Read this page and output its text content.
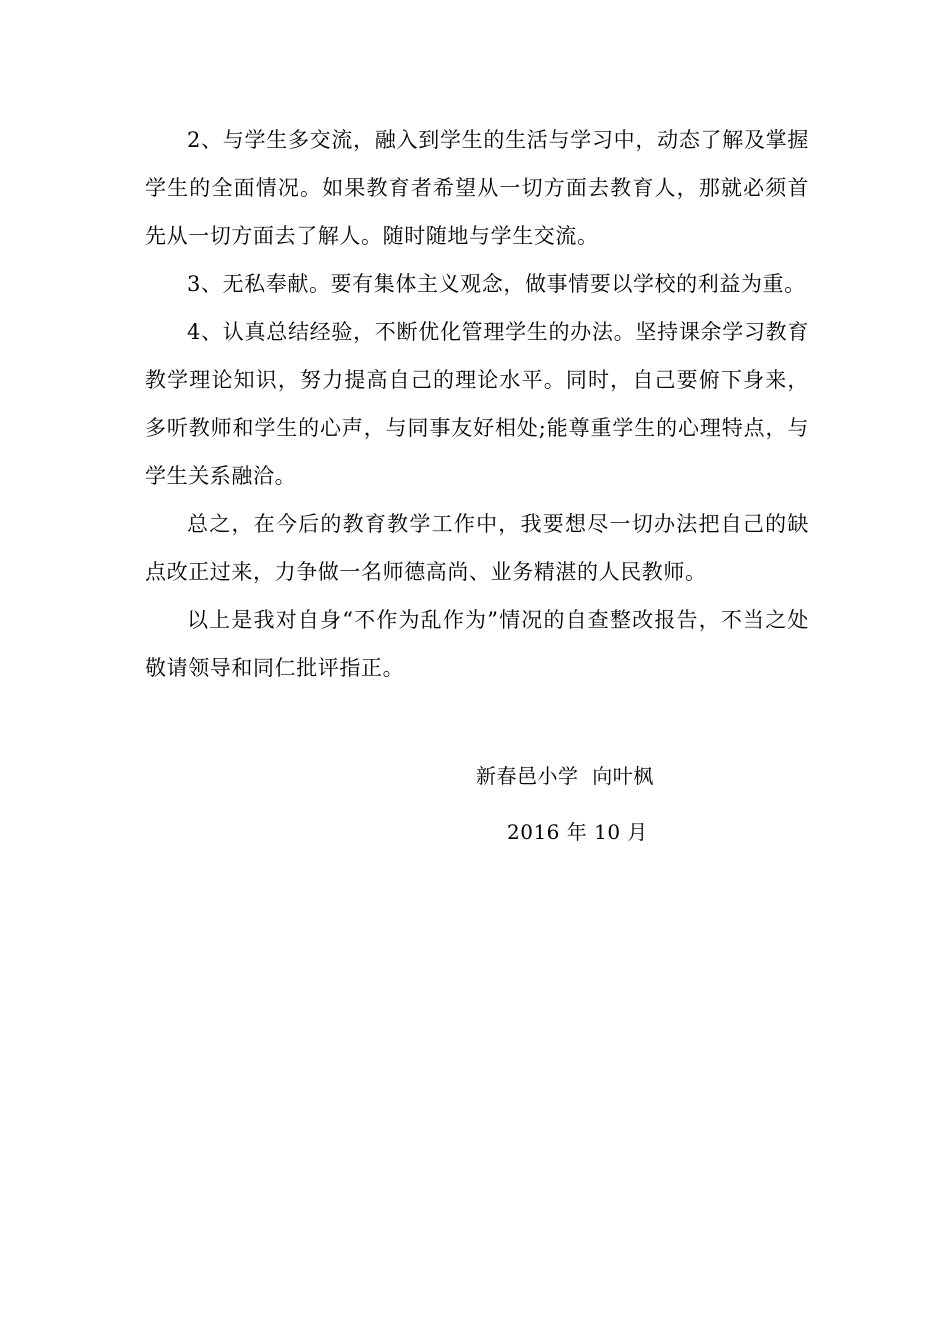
2、与学生多交流，融入到学生的生活与学习中，动态了解及掌握学生的全面情况。如果教育者希望从一切方面去教育人，那就必须首先从一切方面去了解人。随时随地与学生交流。

3、无私奉献。要有集体主义观念，做事情要以学校的利益为重。

4、认真总结经验，不断优化管理学生的办法。坚持课余学习教育教学理论知识，努力提高自己的理论水平。同时，自己要俯下身来，多听教师和学生的心声，与同事友好相处;能尊重学生的心理特点，与学生关系融洽。

总之，在今后的教育教学工作中，我要想尽一切办法把自己的缺点改正过来，力争做一名师德高尚、业务精湛的人民教师。

以上是我对自身“不作为乱作为”情况的自查整改报告，不当之处敬请领导和同仁批评指正。

新春邑小学  向叶枫
2016 年 10 月
